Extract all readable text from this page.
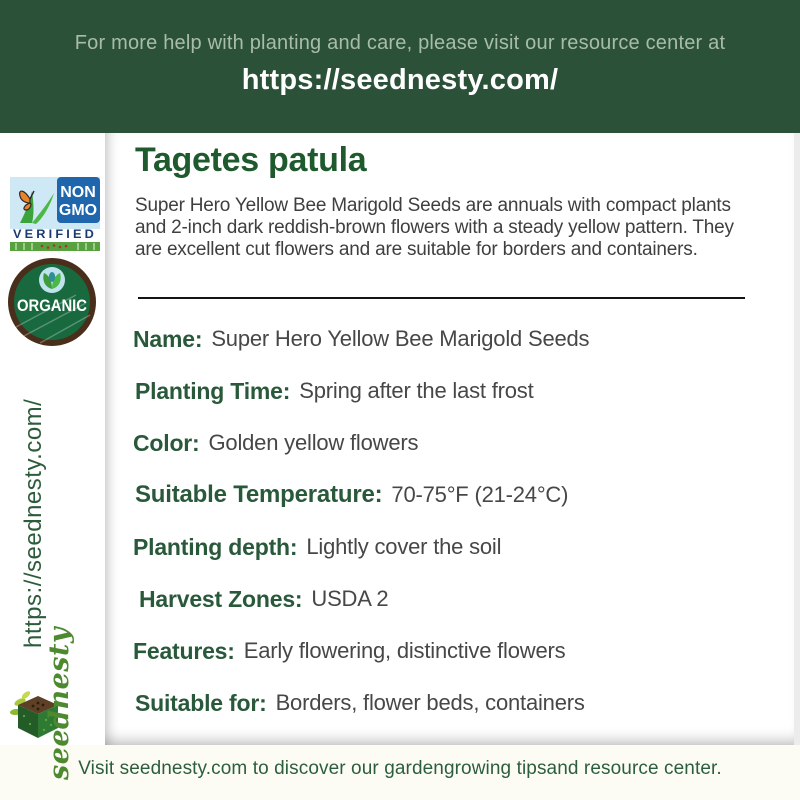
For more help with planting and care, please visit our resource center at
https://seednesty.com/
NON
GMO
VERIFIED
ORGANIC
https://seednesty.com/
seednesty
Tagetes patula
Super Hero Yellow Bee Marigold Seeds are annuals with compact plants
and 2-inch dark reddish-brown flowers with a steady yellow pattern. They
are excellent cut flowers and are suitable for borders and containers.
Name: Super Hero Yellow Bee Marigold Seeds
Planting Time: Spring after the last frost
Color: Golden yellow flowers
Suitable Temperature: 70-75°F (21-24°C)
Planting depth: Lightly cover the soil
Harvest Zones: USDA 2
Features: Early flowering, distinctive flowers
Suitable for: Borders, flower beds, containers
Visit seednesty.com to discover our gardengrowing tipsand resource center.
